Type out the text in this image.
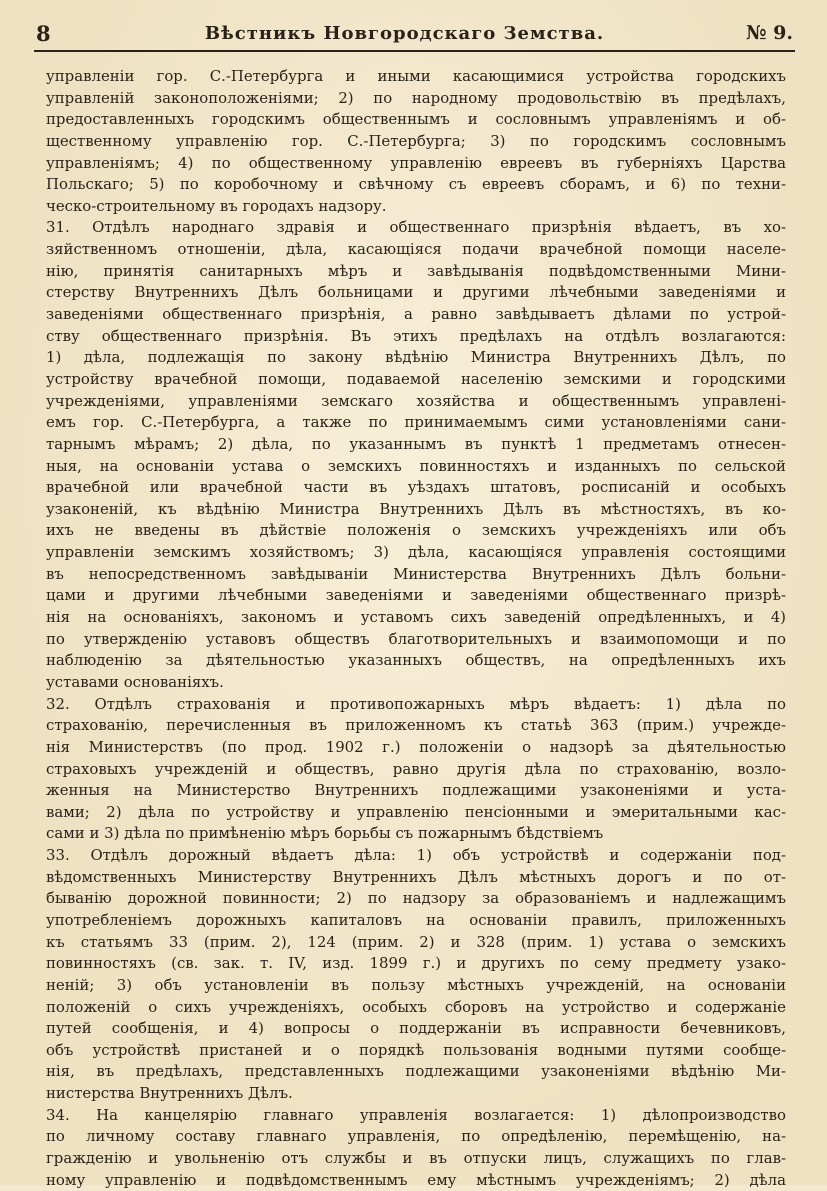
8	Вѣстникъ Новгородскаго Земства.	№ 9.
управленіи гор. С.-Петербурга и иными касающимися устройства городскихъ
управленій законоположеніями; 2) по народному продовольствію въ предѣлахъ,
предоставленныхъ городскимъ общественнымъ и сословнымъ управленіямъ и об-
щественному управленію гор. С.-Петербурга; 3) по городскимъ сословнымъ
управленіямъ; 4) по общественному управленію евреевъ въ губерніяхъ Царства
Польскаго; 5) по коробочному и свѣчному съ евреевъ сборамъ, и 6) по техни-
ческо-строительному въ городахъ надзору.
31. Отдѣлъ народнаго здравія и общественнаго призрѣнія вѣдаетъ, въ хо-
зяйственномъ отношеніи, дѣла, касающіяся подачи врачебной помощи населе-
нію, принятія санитарныхъ мѣръ и завѣдыванія подвѣдомственными Мини-
стерству Внутреннихъ Дѣлъ больницами и другими лѣчебными заведеніями и
заведеніями общественнаго призрѣнія, а равно завѣдываетъ дѣлами по устрой-
ству общественнаго призрѣнія. Въ этихъ предѣлахъ на отдѣлъ возлагаются:
1) дѣла, подлежащія по закону вѣдѣнію Министра Внутреннихъ Дѣлъ, по
устройству врачебной помощи, подаваемой населенію земскими и городскими
учрежденіями, управленіями земскаго хозяйства и общественнымъ управлені-
емъ гор. С.-Петербурга, а также по принимаемымъ сими установленіями сани-
тарнымъ мѣрамъ; 2) дѣла, по указаннымъ въ пунктѣ 1 предметамъ отнесен-
ныя, на основаніи устава о земскихъ повинностяхъ и изданныхъ по сельской
врачебной или врачебной части въ уѣздахъ штатовъ, росписаній и особыхъ
узаконеній, къ вѣдѣнію Министра Внутреннихъ Дѣлъ въ мѣстностяхъ, въ ко-
ихъ не введены въ дѣйствіе положенія о земскихъ учрежденіяхъ или объ
управленіи земскимъ хозяйствомъ; 3) дѣла, касающіяся управленія состоящими
въ непосредственномъ завѣдываніи Министерства Внутреннихъ Дѣлъ больни-
цами и другими лѣчебными заведеніями и заведеніями общественнаго призрѣ-
нія на основаніяхъ, закономъ и уставомъ сихъ заведеній опредѣленныхъ, и 4)
по утвержденію уставовъ обществъ благотворительныхъ и взаимопомощи и по
наблюденію за дѣятельностью указанныхъ обществъ, на опредѣленныхъ ихъ
уставами основаніяхъ.
32. Отдѣлъ страхованія и противопожарныхъ мѣръ вѣдаетъ: 1) дѣла по
страхованію, перечисленныя въ приложенномъ къ статьѣ 363 (прим.) учрежде-
нія Министерствъ (по прод. 1902 г.) положеніи о надзорѣ за дѣятельностью
страховыхъ учрежденій и обществъ, равно другія дѣла по страхованію, возло-
женныя на Министерство Внутреннихъ подлежащими узаконеніями и уста-
вами; 2) дѣла по устройству и управленію пенсіонными и эмеритальными кас-
сами и 3) дѣла по примѣненію мѣръ борьбы съ пожарнымъ бѣдствіемъ
33. Отдѣлъ дорожный вѣдаетъ дѣла: 1) объ устройствѣ и содержаніи под-
вѣдомственныхъ Министерству Внутреннихъ Дѣлъ мѣстныхъ дорогъ и по от-
быванію дорожной повинности; 2) по надзору за образованіемъ и надлежащимъ
употребленіемъ дорожныхъ капиталовъ на основаніи правилъ, приложенныхъ
къ статьямъ 33 (прим. 2), 124 (прим. 2) и 328 (прим. 1) устава о земскихъ
повинностяхъ (св. зак. т. IV, изд. 1899 г.) и другихъ по сему предмету узако-
неній; 3) объ установленіи въ пользу мѣстныхъ учрежденій, на основаніи
положеній о сихъ учрежденіяхъ, особыхъ сборовъ на устройство и содержаніе
путей сообщенія, и 4) вопросы о поддержаніи въ исправности бечевниковъ,
объ устройствѣ пристаней и о порядкѣ пользованія водными путями сообще-
нія, въ предѣлахъ, представленныхъ подлежащими узаконеніями вѣдѣнію Ми-
нистерства Внутреннихъ Дѣлъ.
34. На канцелярію главнаго управленія возлагается: 1) дѣлопроизводство
по личному составу главнаго управленія, по опредѣленію, перемѣщенію, на-
гражденію и увольненію отъ службы и въ отпуски лицъ, служащихъ по глав-
ному управленію и подвѣдомственнымъ ему мѣстнымъ учрежденіямъ; 2) дѣла
